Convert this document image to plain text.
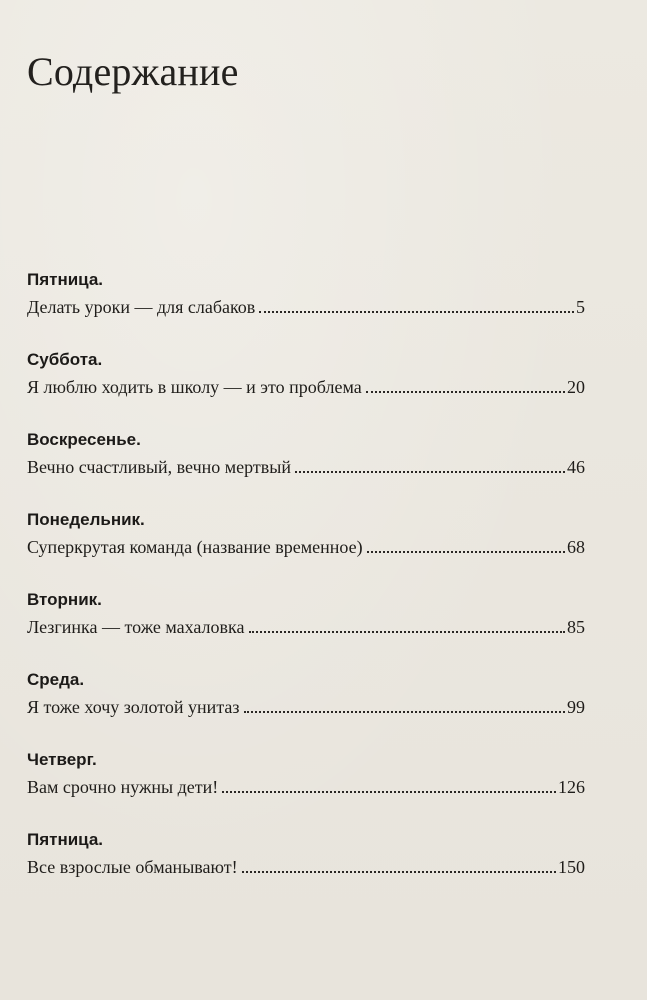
Содержание
Пятница.
Делать уроки — для слабаков	5
Суббота.
Я люблю ходить в школу — и это проблема	20
Воскресенье.
Вечно счастливый, вечно мертвый	46
Понедельник.
Суперкрутая команда (название временное)	68
Вторник.
Лезгинка — тоже махаловка	85
Среда.
Я тоже хочу золотой унитаз	99
Четверг.
Вам срочно нужны дети!	126
Пятница.
Все взрослые обманывают!	150
